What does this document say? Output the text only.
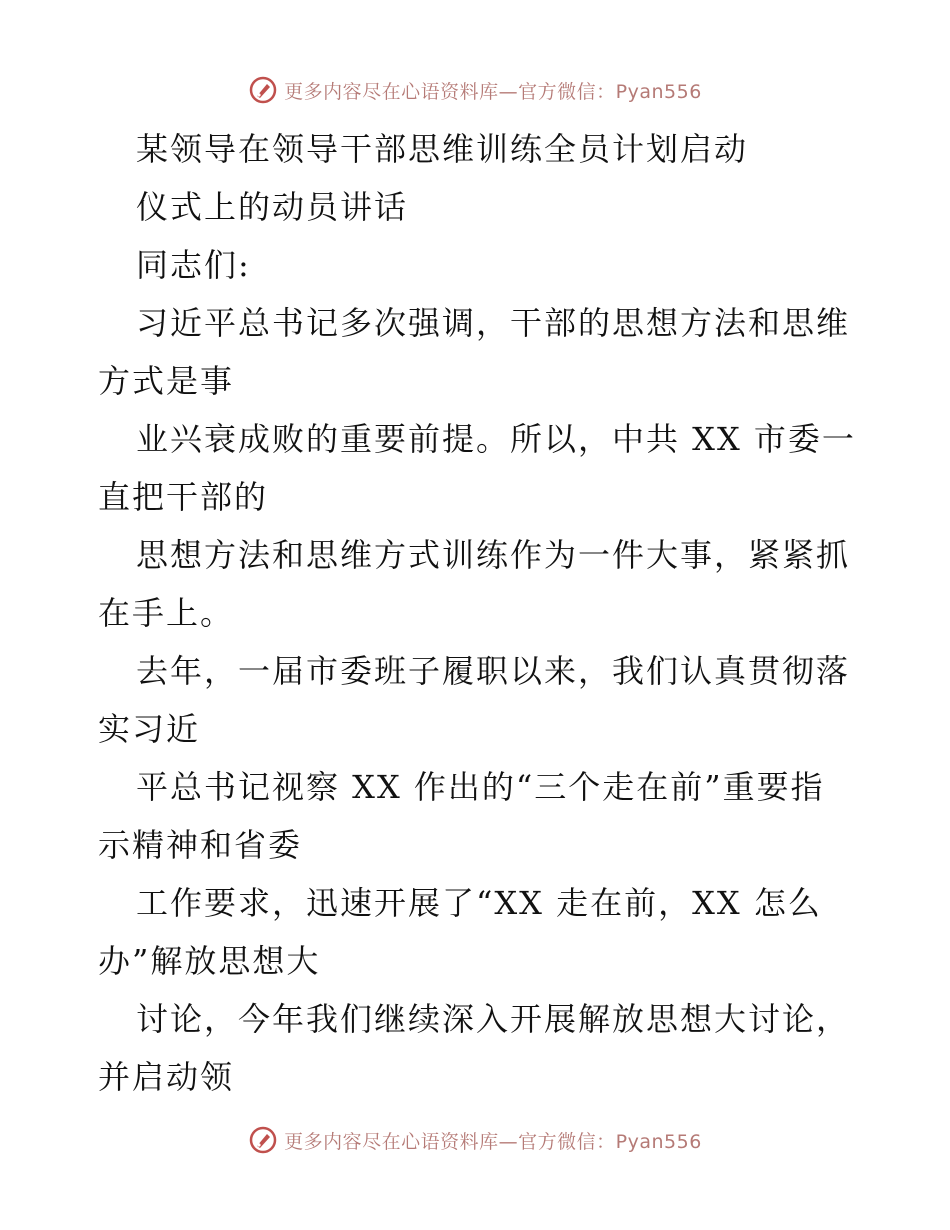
更多内容尽在心语资料库—官方微信：Pyan556
某领导在领导干部思维训练全员计划启动
仪式上的动员讲话
同志们:
习近平总书记多次强调，干部的思想方法和思维
方式是事
业兴衰成败的重要前提。所以，中共 XX 市委一
直把干部的
思想方法和思维方式训练作为一件大事，紧紧抓
在手上。
去年，一届市委班子履职以来，我们认真贯彻落
实习近
平总书记视察 XX 作出的“三个走在前”重要指
示精神和省委
工作要求，迅速开展了“XX 走在前，XX 怎么
办”解放思想大
讨论，今年我们继续深入开展解放思想大讨论，
并启动领
更多内容尽在心语资料库—官方微信：Pyan556
